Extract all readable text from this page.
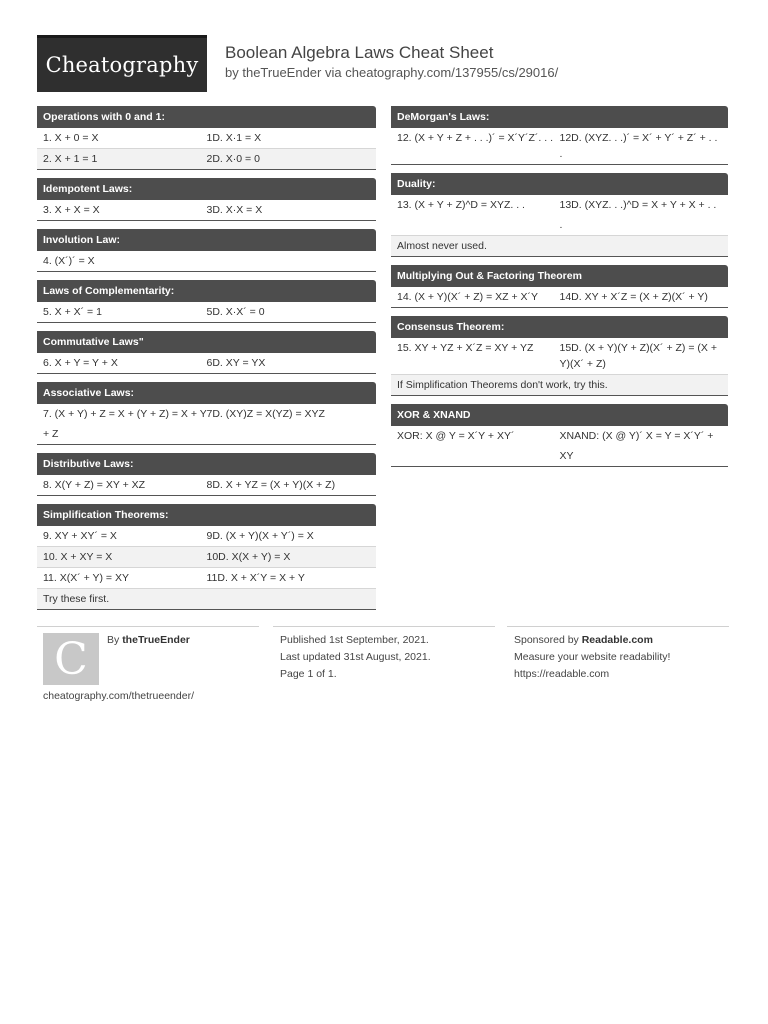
Cheatography
Boolean Algebra Laws Cheat Sheet
by theTrueEnder via cheatography.com/137955/cs/29016/
Operations with 0 and 1:
1. X + 0 = X	1D. X·1 = X
2. X + 1 = 1	2D. X·0 = 0
Idempotent Laws:
3. X + X = X	3D. X·X = X
Involution Law:
4. (X´)´ = X
Laws of Complementarity:
5. X + X´ = 1	5D. X·X´ = 0
Commutative Laws"
6. X + Y = Y + X	6D. XY = YX
Associative Laws:
7. (X + Y) + Z = X + (Y + Z) = X + Y + Z
7D. (XY)Z = X(YZ) = XYZ
Distributive Laws:
8. X(Y + Z) = XY + XZ	8D. X + YZ = (X + Y)(X + Z)
Simplification Theorems:
9. XY + XY´ = X	9D. (X + Y)(X + Y´) = X
10. X + XY = X	10D. X(X + Y) = X
11. X(X´ + Y) = XY	11D. X + X´Y = X + Y
Try these first.
DeMorgan's Laws:
12. (X + Y + Z + . . .)´ = X´Y´Z´. . . 12D. (XYZ. . .)´ = X´ + Y´ + Z´ + . . .
Duality:
13. (X + Y + Z)^D = XYZ. . .	13D. (XYZ. . .)^D = X + Y + X + . . .
Almost never used.
Multiplying Out & Factoring Theorem
14. (X + Y)(X´ + Z) = XZ + X´Y	14D. XY + X´Z = (X + Z)(X´ + Y)
Consensus Theorem:
15. XY + YZ + X´Z = XY + YZ	15D. (X + Y)(Y + Z)(X´ + Z) = (X + Y)(X´ + Z)
If Simplification Theorems don't work, try this.
XOR & XNAND
XOR: X @ Y = X´Y + XY´	XNAND: (X @ Y)´ X = Y = X´Y´ + XY
C By theTrueEnder
cheatography.com/thetrueender/
Published 1st September, 2021.
Last updated 31st August, 2021.
Page 1 of 1.
Sponsored by Readable.com
Measure your website readability!
https://readable.com
